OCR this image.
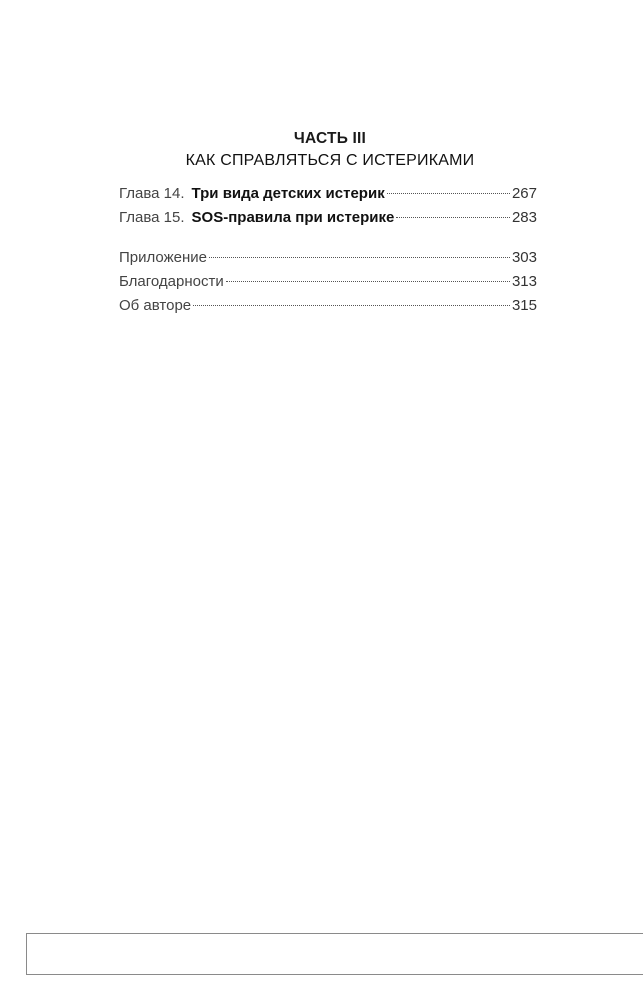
ЧАСТЬ III
КАК СПРАВЛЯТЬСЯ С ИСТЕРИКАМИ
Глава 14. Три вида детских истерик	267
Глава 15. SOS-правила при истерике	283
Приложение	303
Благодарности	313
Об авторе	315
